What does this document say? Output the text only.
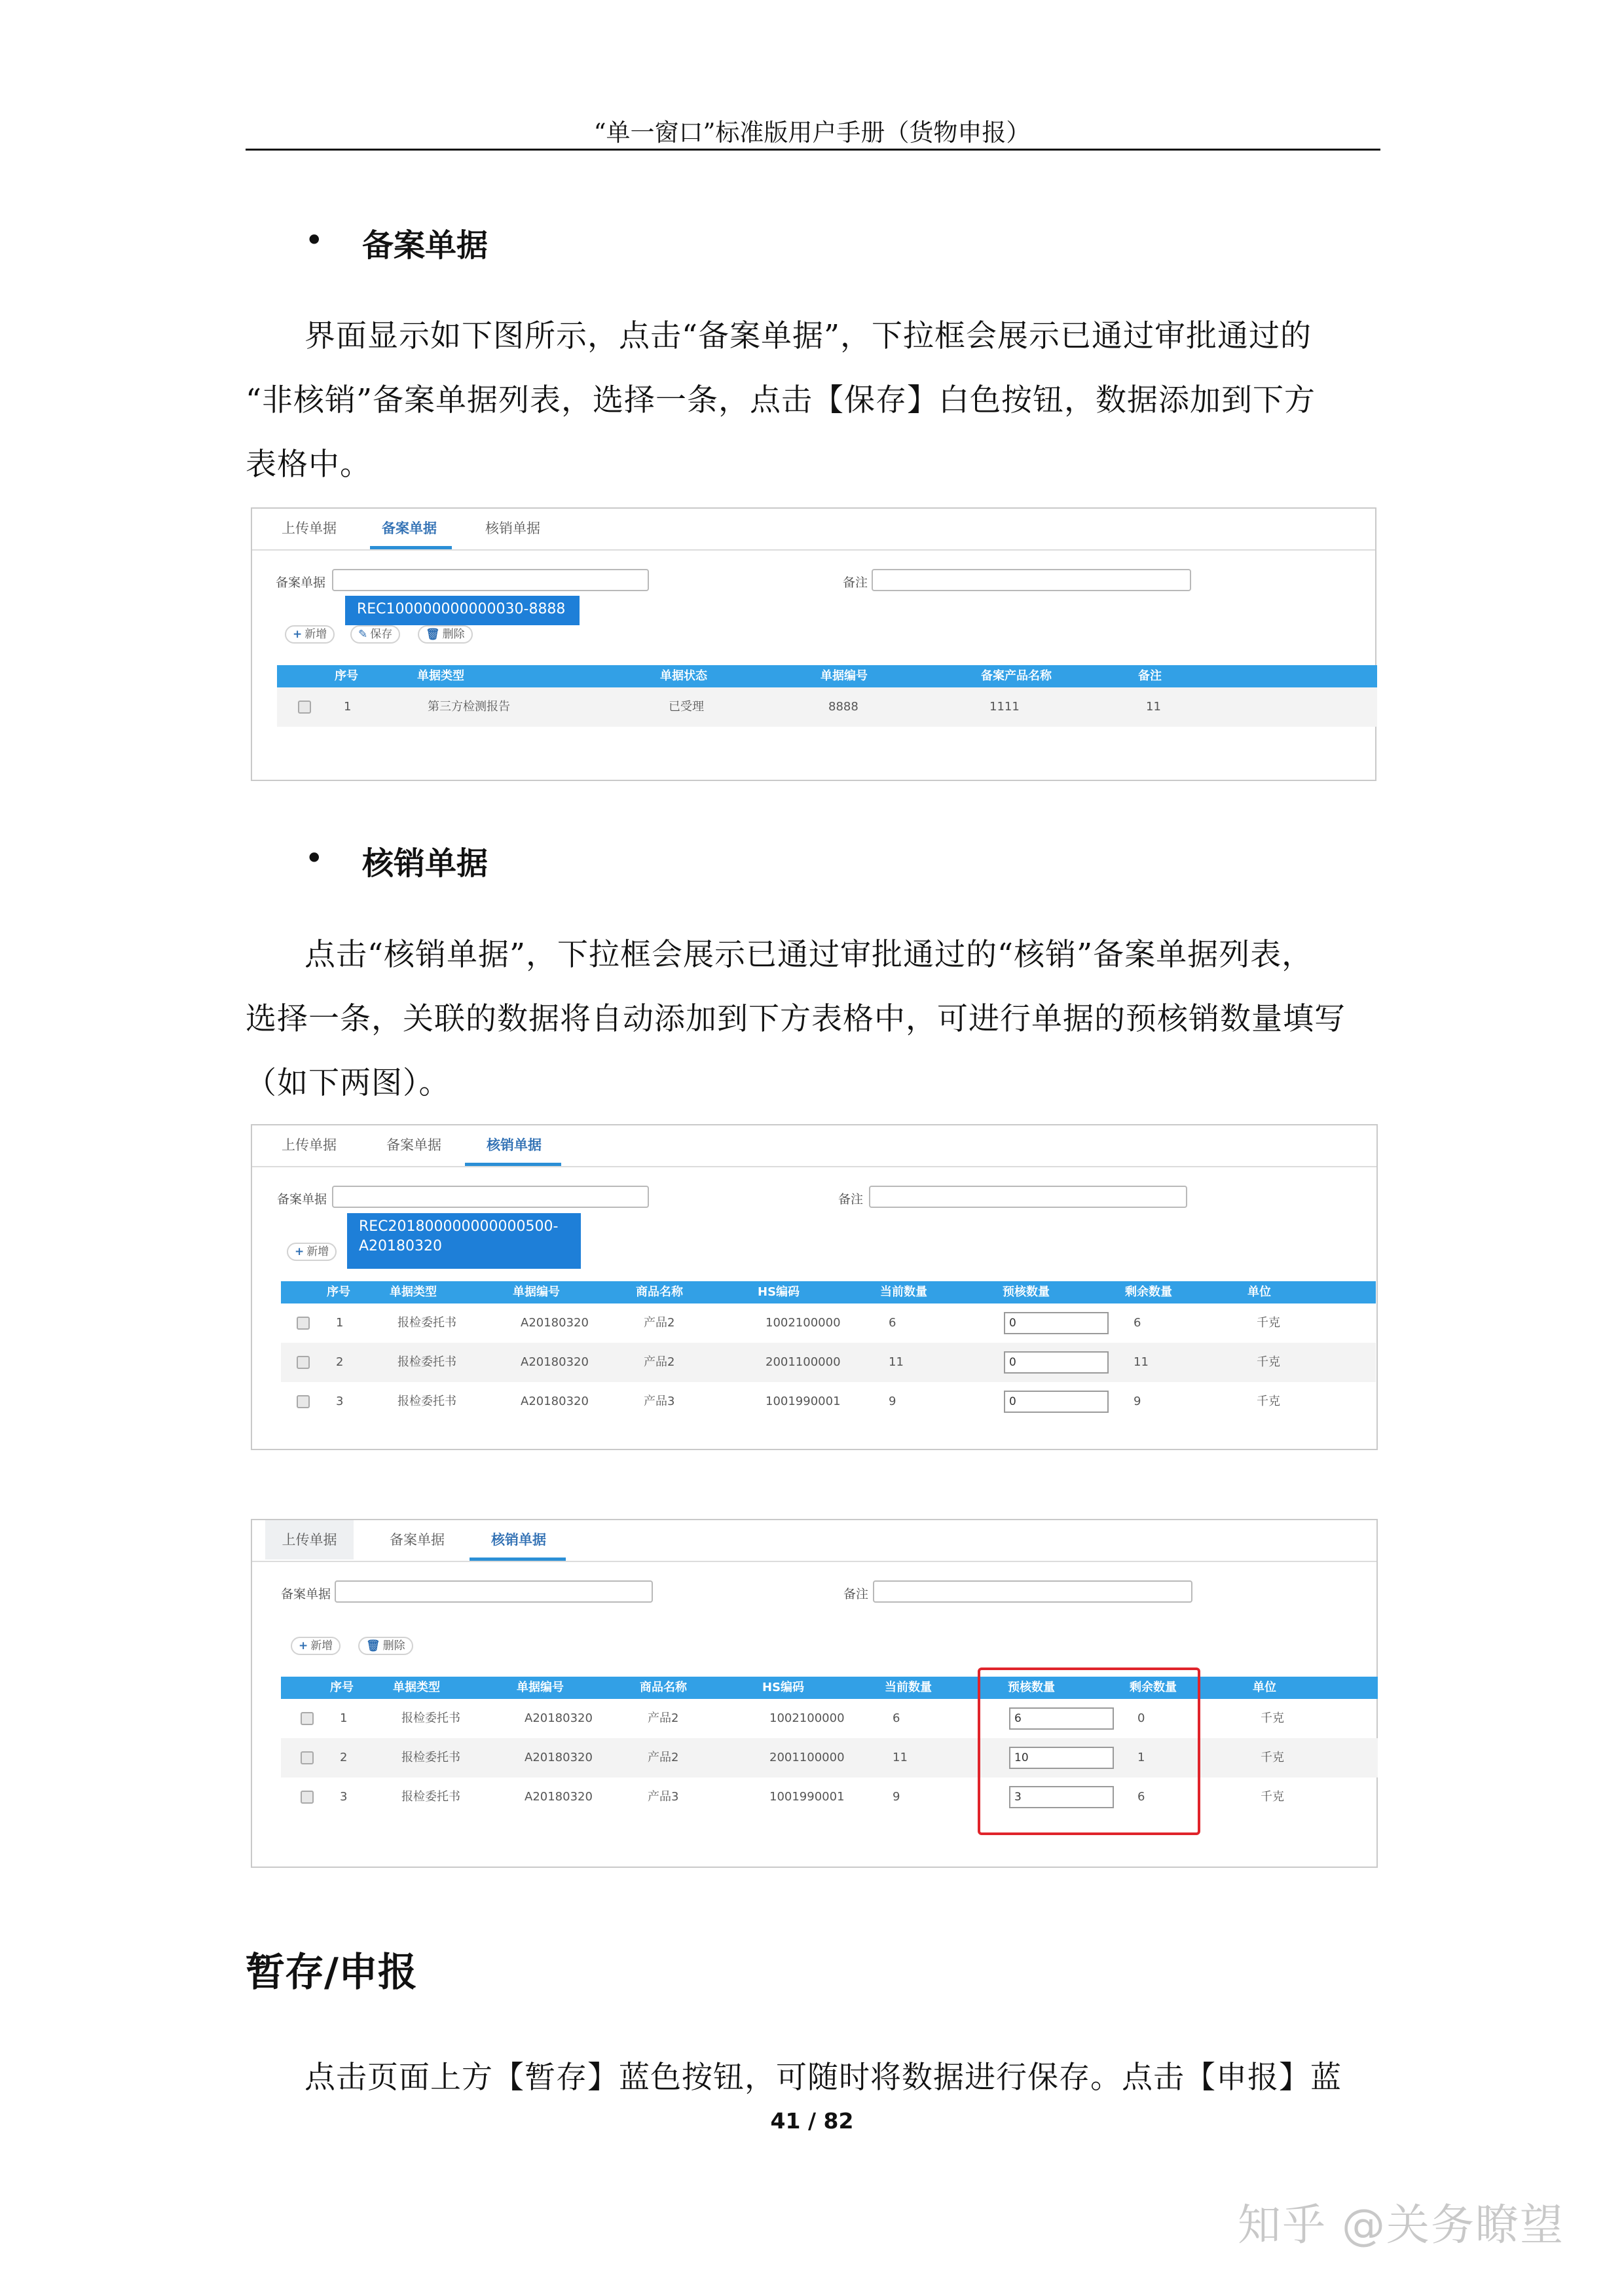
“单一窗口”标准版用户手册（货物申报）
• 备案单据
界面显示如下图所示，点击“备案单据”，下拉框会展示已通过审批通过的
“非核销”备案单据列表，选择一条，点击【保存】白色按钮，数据添加到下方
表格中。
上传单据	备案单据	核销单据
备案单据	备注
REC100000000000030-8888
+ 新增	✎ 保存	🗑 删除
序号	单据类型	单据状态	单据编号	备案产品名称	备注
1	第三方检测报告	已受理	8888	1111	11
• 核销单据
点击“核销单据”，下拉框会展示已通过审批通过的“核销”备案单据列表，
选择一条，关联的数据将自动添加到下方表格中，可进行单据的预核销数量填写
（如下两图）。
上传单据	备案单据	核销单据
备案单据	备注
REC201800000000000500-
A20180320
+ 新增
序号	单据类型	单据编号	商品名称	HS编码	当前数量	预核数量	剩余数量	单位
1	报检委托书	A20180320	产品2	1002100000	6	0	6	千克
2	报检委托书	A20180320	产品2	2001100000	11	0	11	千克
3	报检委托书	A20180320	产品3	1001990001	9	0	9	千克
上传单据	备案单据	核销单据
备案单据	备注
+ 新增	🗑 删除
序号	单据类型	单据编号	商品名称	HS编码	当前数量	预核数量	剩余数量	单位
1	报检委托书	A20180320	产品2	1002100000	6	6	0	千克
2	报检委托书	A20180320	产品2	2001100000	11	10	1	千克
3	报检委托书	A20180320	产品3	1001990001	9	3	6	千克
暂存/申报
点击页面上方【暂存】蓝色按钮，可随时将数据进行保存。点击【申报】蓝
41 / 82
知乎 @关务瞭望
